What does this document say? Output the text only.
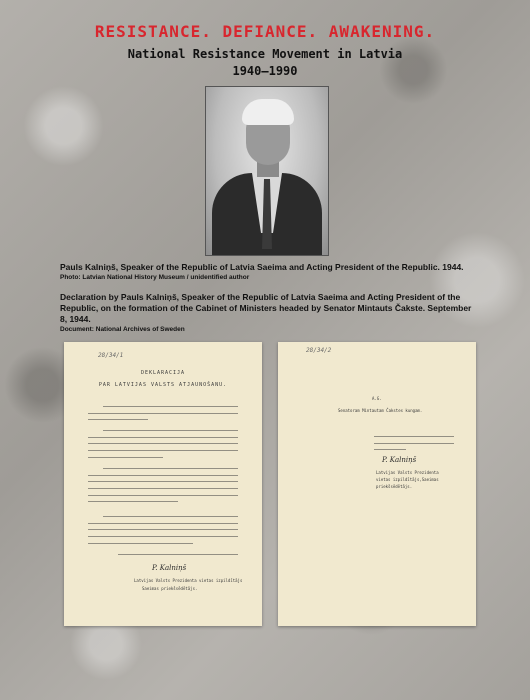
RESISTANCE. DEFIANCE. AWAKENING.
National Resistance Movement in Latvia
1940–1990
Pauls Kalniņš, Speaker of the Republic of Latvia Saeima and Acting President of the Republic. 1944.
Photo: Latvian National History Museum / unidentified author
Declaration by Pauls Kalniņš, Speaker of the Republic of Latvia Saeima and Acting President of the Republic, on the formation of the Cabinet of Ministers headed by Senator Mintauts Čakste. September 8, 1944.
Document: National Archives of Sweden
28/34/1
DEKLARACIJA
PAR LATVIJAS VALSTS ATJAUNOŠANU.
P. Kalniņš
Latvijas Valsts Prezidenta vietas izpildītājs
Saeimas priekšsēdētājs.
28/34/2
A.G.
Senatoram Mintautam Čakstes kungam.
P. Kalniņš
Latvijas Valsts Prezidenta
vietas izpildītājs,Saeimas
priekšsēdētājs.
